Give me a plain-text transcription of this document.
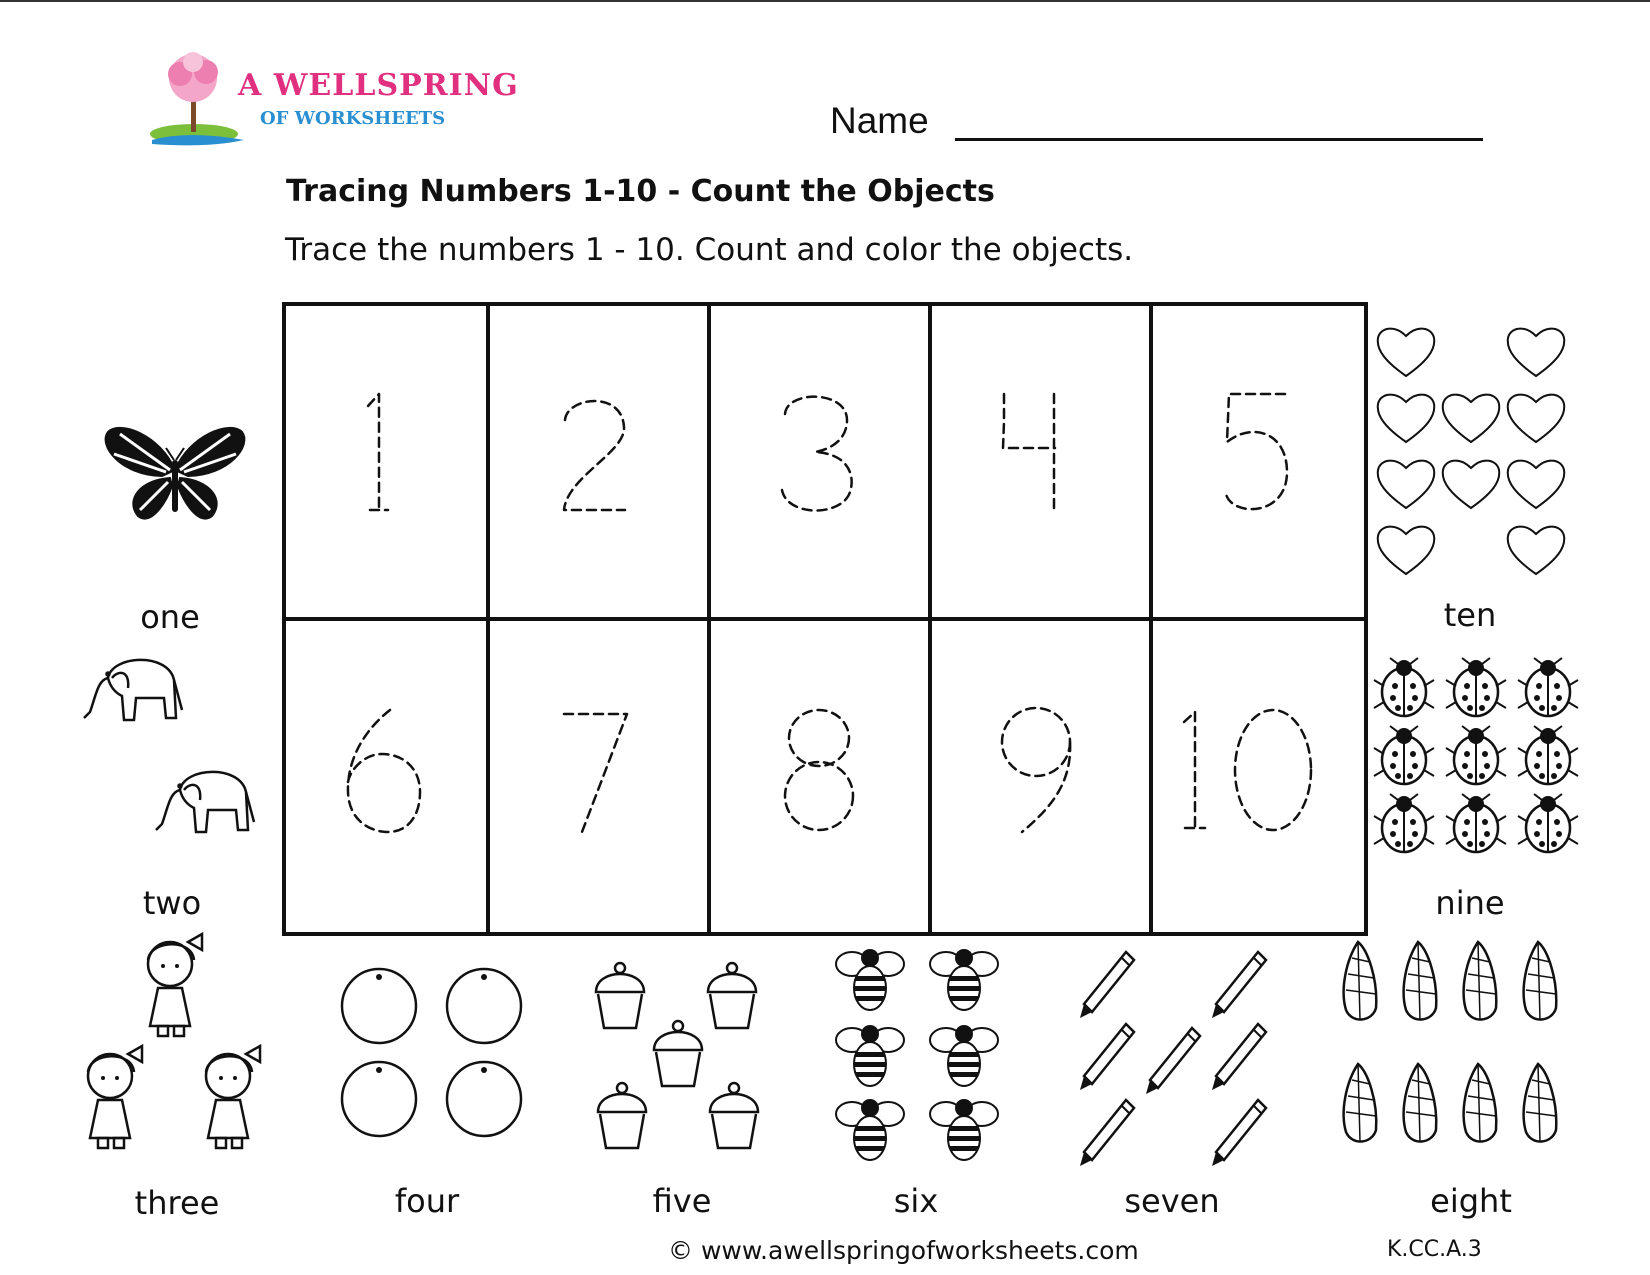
A WELLSPRING
OF WORKSHEETS	Name
Tracing Numbers 1-10 - Count the Objects
Trace the numbers 1 - 10. Count and color the objects.
1
one
two
three	four	five	six	seven	eight
nine
ten
© www.awellspringofworksheets.com	K.CC.A.3
